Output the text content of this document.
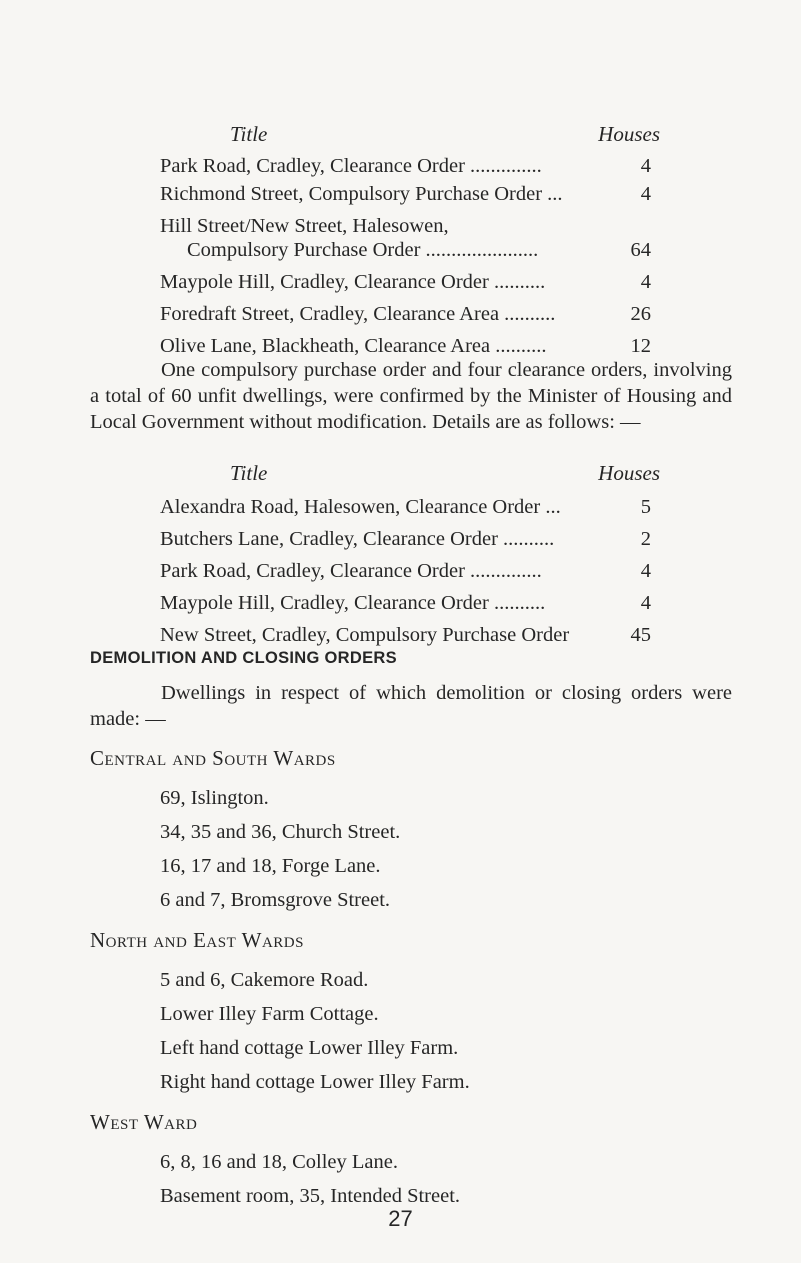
Title	Houses
Park Road, Cradley, Clearance Order ..............	4
Richmond Street, Compulsory Purchase Order ...	4
Hill Street/New Street, Halesowen,
Compulsory Purchase Order ......................	64
Maypole Hill, Cradley, Clearance Order ..........	4
Foredraft Street, Cradley, Clearance Area ..........	26
Olive Lane, Blackheath, Clearance Area ..........	12
One compulsory purchase order and four clearance orders, involving a total of 60 unfit dwellings, were confirmed by the Minister of Housing and Local Government without modification. Details are as follows: —
Title	Houses
Alexandra Road, Halesowen, Clearance Order ...	5
Butchers Lane, Cradley, Clearance Order ..........	2
Park Road, Cradley, Clearance Order ..............	4
Maypole Hill, Cradley, Clearance Order ..........	4
New Street, Cradley, Compulsory Purchase Order	45
DEMOLITION AND CLOSING ORDERS
Dwellings in respect of which demolition or closing orders were made: —
Central and South Wards
69, Islington.
34, 35 and 36, Church Street.
16, 17 and 18, Forge Lane.
6 and 7, Bromsgrove Street.
North and East Wards
5 and 6, Cakemore Road.
Lower Illey Farm Cottage.
Left hand cottage Lower Illey Farm.
Right hand cottage Lower Illey Farm.
West Ward
6, 8, 16 and 18, Colley Lane.
Basement room, 35, Intended Street.
27
